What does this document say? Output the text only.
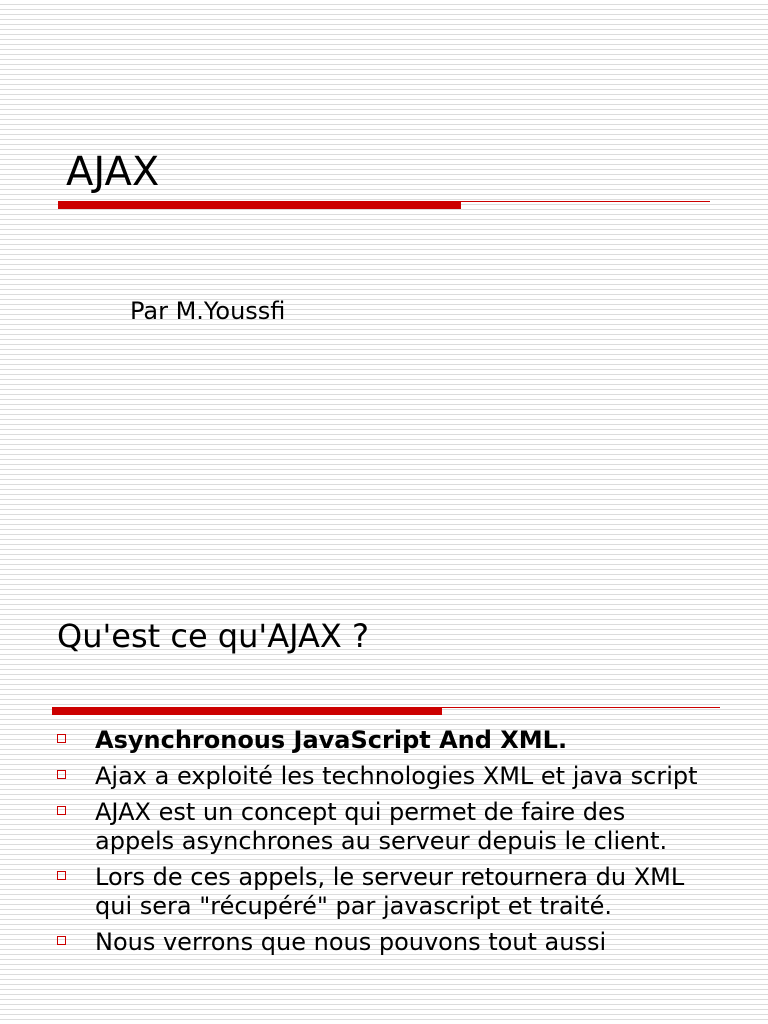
AJAX
Par M.Youssfi
Qu'est ce qu'AJAX ?
Asynchronous JavaScript And XML.
Ajax a exploité les technologies XML et java script
AJAX est un concept qui permet de faire des appels asynchrones au serveur depuis le client.
Lors de ces appels, le serveur retournera du XML qui sera "récupéré" par javascript et traité.
Nous verrons que nous pouvons tout aussi
